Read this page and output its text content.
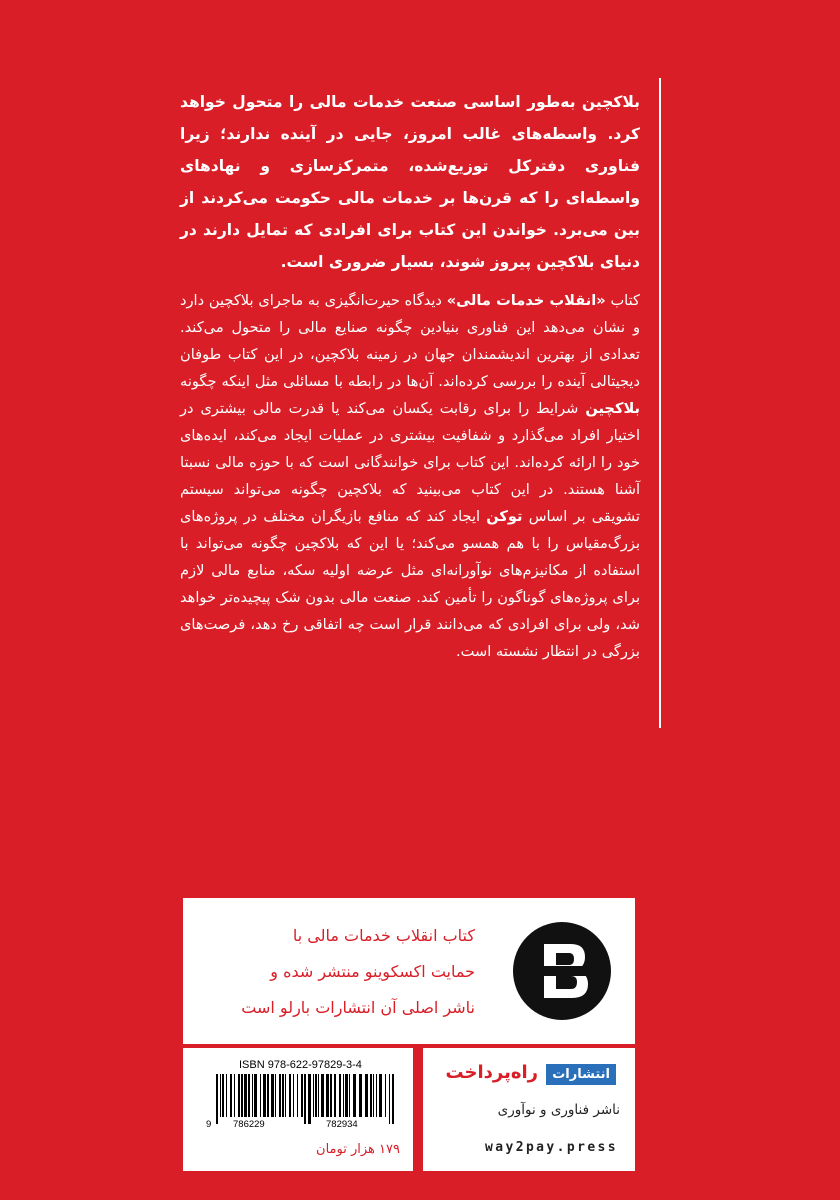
بلاکچین به‌طور اساسی صنعت خدمات مالی را متحول خواهد کرد. واسطه‌های غالب امروز، جایی در آینده ندارند؛ زیرا فناوری دفترکل توزیع‌شده، متمرکزسازی و نهادهای واسطه‌ای را که قرن‌ها بر خدمات مالی حکومت می‌کردند از بین می‌برد. خواندن این کتاب برای افرادی که تمایل دارند در دنیای بلاکچین پیروز شوند، بسیار ضروری است.

کتاب «انقلاب خدمات مالی» دیدگاه حیرت‌انگیزی به ماجرای بلاکچین دارد و نشان می‌دهد این فناوری بنیادین چگونه صنایع مالی را متحول می‌کند. تعدادی از بهترین اندیشمندان جهان در زمینه بلاکچین، در این کتاب طوفان دیجیتالی آینده را بررسی کرده‌اند. آن‌ها در رابطه با مسائلی مثل اینکه چگونه بلاکچین شرایط را برای رقابت یکسان می‌کند یا قدرت مالی بیشتری در اختیار افراد می‌گذارد و شفافیت بیشتری در عملیات ایجاد می‌کند، ایده‌های خود را ارائه کرده‌اند. این کتاب برای خوانندگانی است که با حوزه مالی نسبتا آشنا هستند. در این کتاب می‌بینید که بلاکچین چگونه می‌تواند سیستم تشویقی بر اساس توکن ایجاد کند که منافع بازیگران مختلف در پروژه‌های بزرگ‌مقیاس را با هم همسو می‌کند؛ یا این که بلاکچین چگونه می‌تواند با استفاده از مکانیزم‌های نوآورانه‌ای مثل عرضه اولیه سکه، منابع مالی لازم برای پروژه‌های گوناگون را تأمین کند. صنعت مالی بدون شک پیچیده‌تر خواهد شد، ولی برای افرادی که می‌دانند قرار است چه اتفاقی رخ دهد، فرصت‌های بزرگی در انتظار نشسته است.

کتاب انقلاب خدمات مالی با
حمایت اکسکوینو منتشر شده و
ناشر اصلی آن انتشارات بارلو است
ISBN 978-622-97829-3-4
9 786229	782934
۱۷۹ هزار تومان
انتشارات
راه‌پرداخت
ناشر فناوری و نوآوری
way2pay.press
